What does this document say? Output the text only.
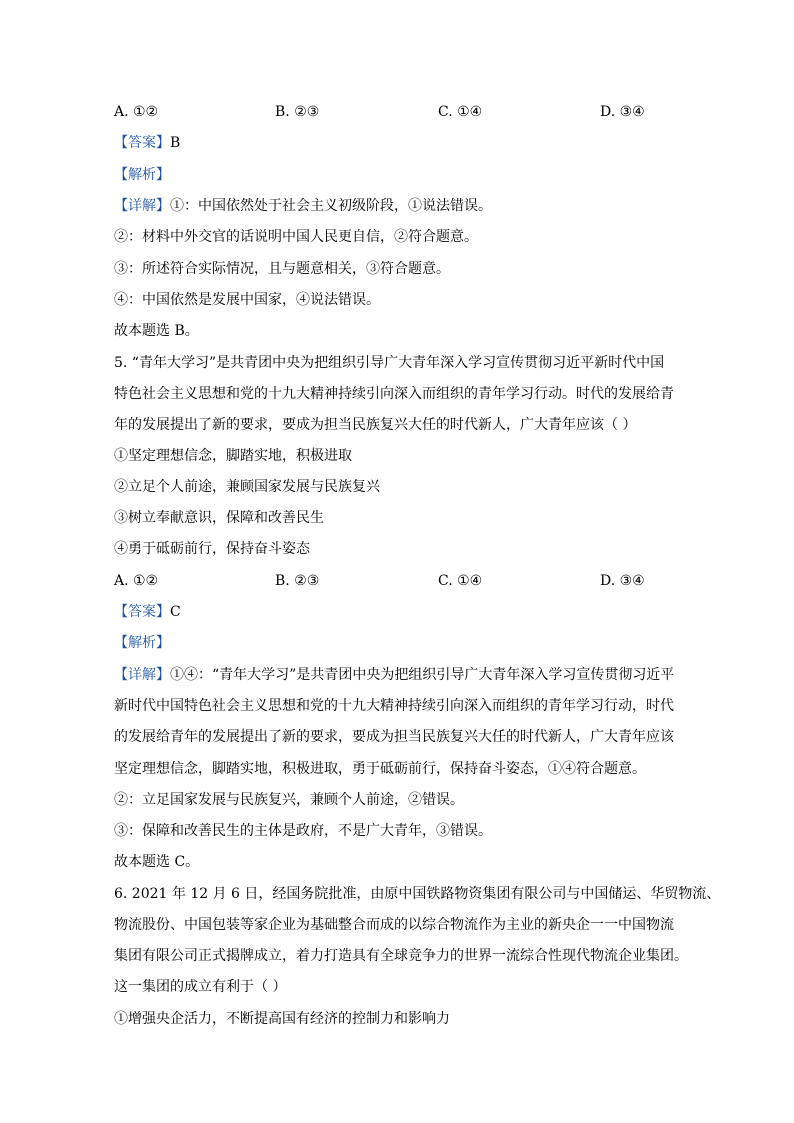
A. ①②	B. ②③	C. ①④	D. ③④
【答案】B
【解析】
【详解】①：中国依然处于社会主义初级阶段，①说法错误。
②：材料中外交官的话说明中国人民更自信，②符合题意。
③：所述符合实际情况，且与题意相关，③符合题意。
④：中国依然是发展中国家，④说法错误。
故本题选 B。
5. “青年大学习”是共青团中央为把组织引导广大青年深入学习宣传贯彻习近平新时代中国
特色社会主义思想和党的十九大精神持续引向深入而组织的青年学习行动。时代的发展给青
年的发展提出了新的要求，要成为担当民族复兴大任的时代新人，广大青年应该（ ）
①坚定理想信念，脚踏实地，积极进取
②立足个人前途，兼顾国家发展与民族复兴
③树立奉献意识，保障和改善民生
④勇于砥砺前行，保持奋斗姿态
A. ①②	B. ②③	C. ①④	D. ③④
【答案】C
【解析】
【详解】①④：“青年大学习”是共青团中央为把组织引导广大青年深入学习宣传贯彻习近平
新时代中国特色社会主义思想和党的十九大精神持续引向深入而组织的青年学习行动，时代
的发展给青年的发展提出了新的要求，要成为担当民族复兴大任的时代新人，广大青年应该
坚定理想信念，脚踏实地，积极进取，勇于砥砺前行，保持奋斗姿态，①④符合题意。
②：立足国家发展与民族复兴，兼顾个人前途，②错误。
③：保障和改善民生的主体是政府，不是广大青年，③错误。
故本题选 C。
6. 2021 年 12 月 6 日，经国务院批准，由原中国铁路物资集团有限公司与中国储运、华贸物流、
物流股份、中国包装等家企业为基础整合而成的以综合物流作为主业的新央企一一中国物流
集团有限公司正式揭牌成立，着力打造具有全球竞争力的世界一流综合性现代物流企业集团。
这一集团的成立有利于（ ）
①增强央企活力，不断提高国有经济的控制力和影响力
